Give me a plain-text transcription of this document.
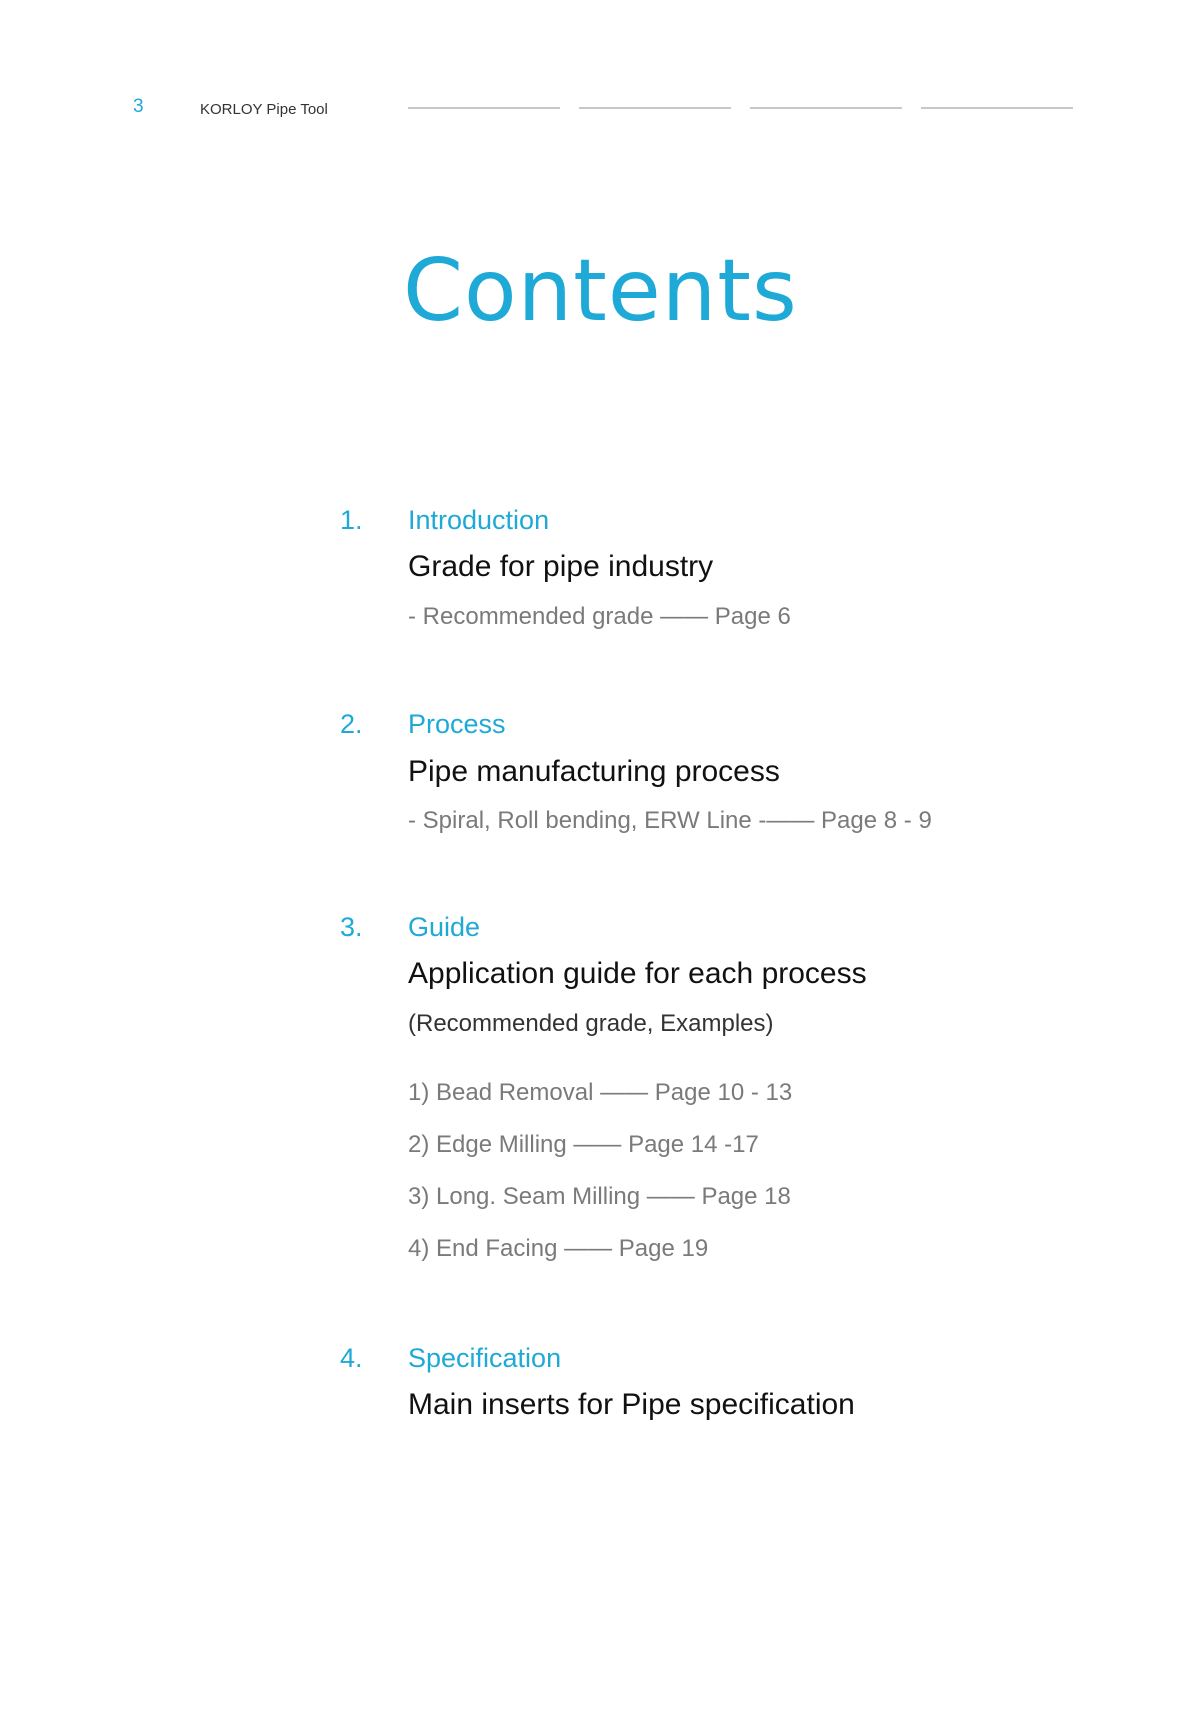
3	KORLOY Pipe Tool
Contents
1. Introduction
Grade for pipe industry
- Recommended grade —— Page 6
2. Process
Pipe manufacturing process
- Spiral, Roll bending, ERW Line -—— Page 8 - 9
3. Guide
Application guide for each process
(Recommended grade, Examples)
1) Bead Removal —— Page 10 - 13
2) Edge Milling —— Page 14 -17
3) Long. Seam Milling —— Page 18
4) End Facing —— Page 19
4. Specification
Main inserts for Pipe specification
